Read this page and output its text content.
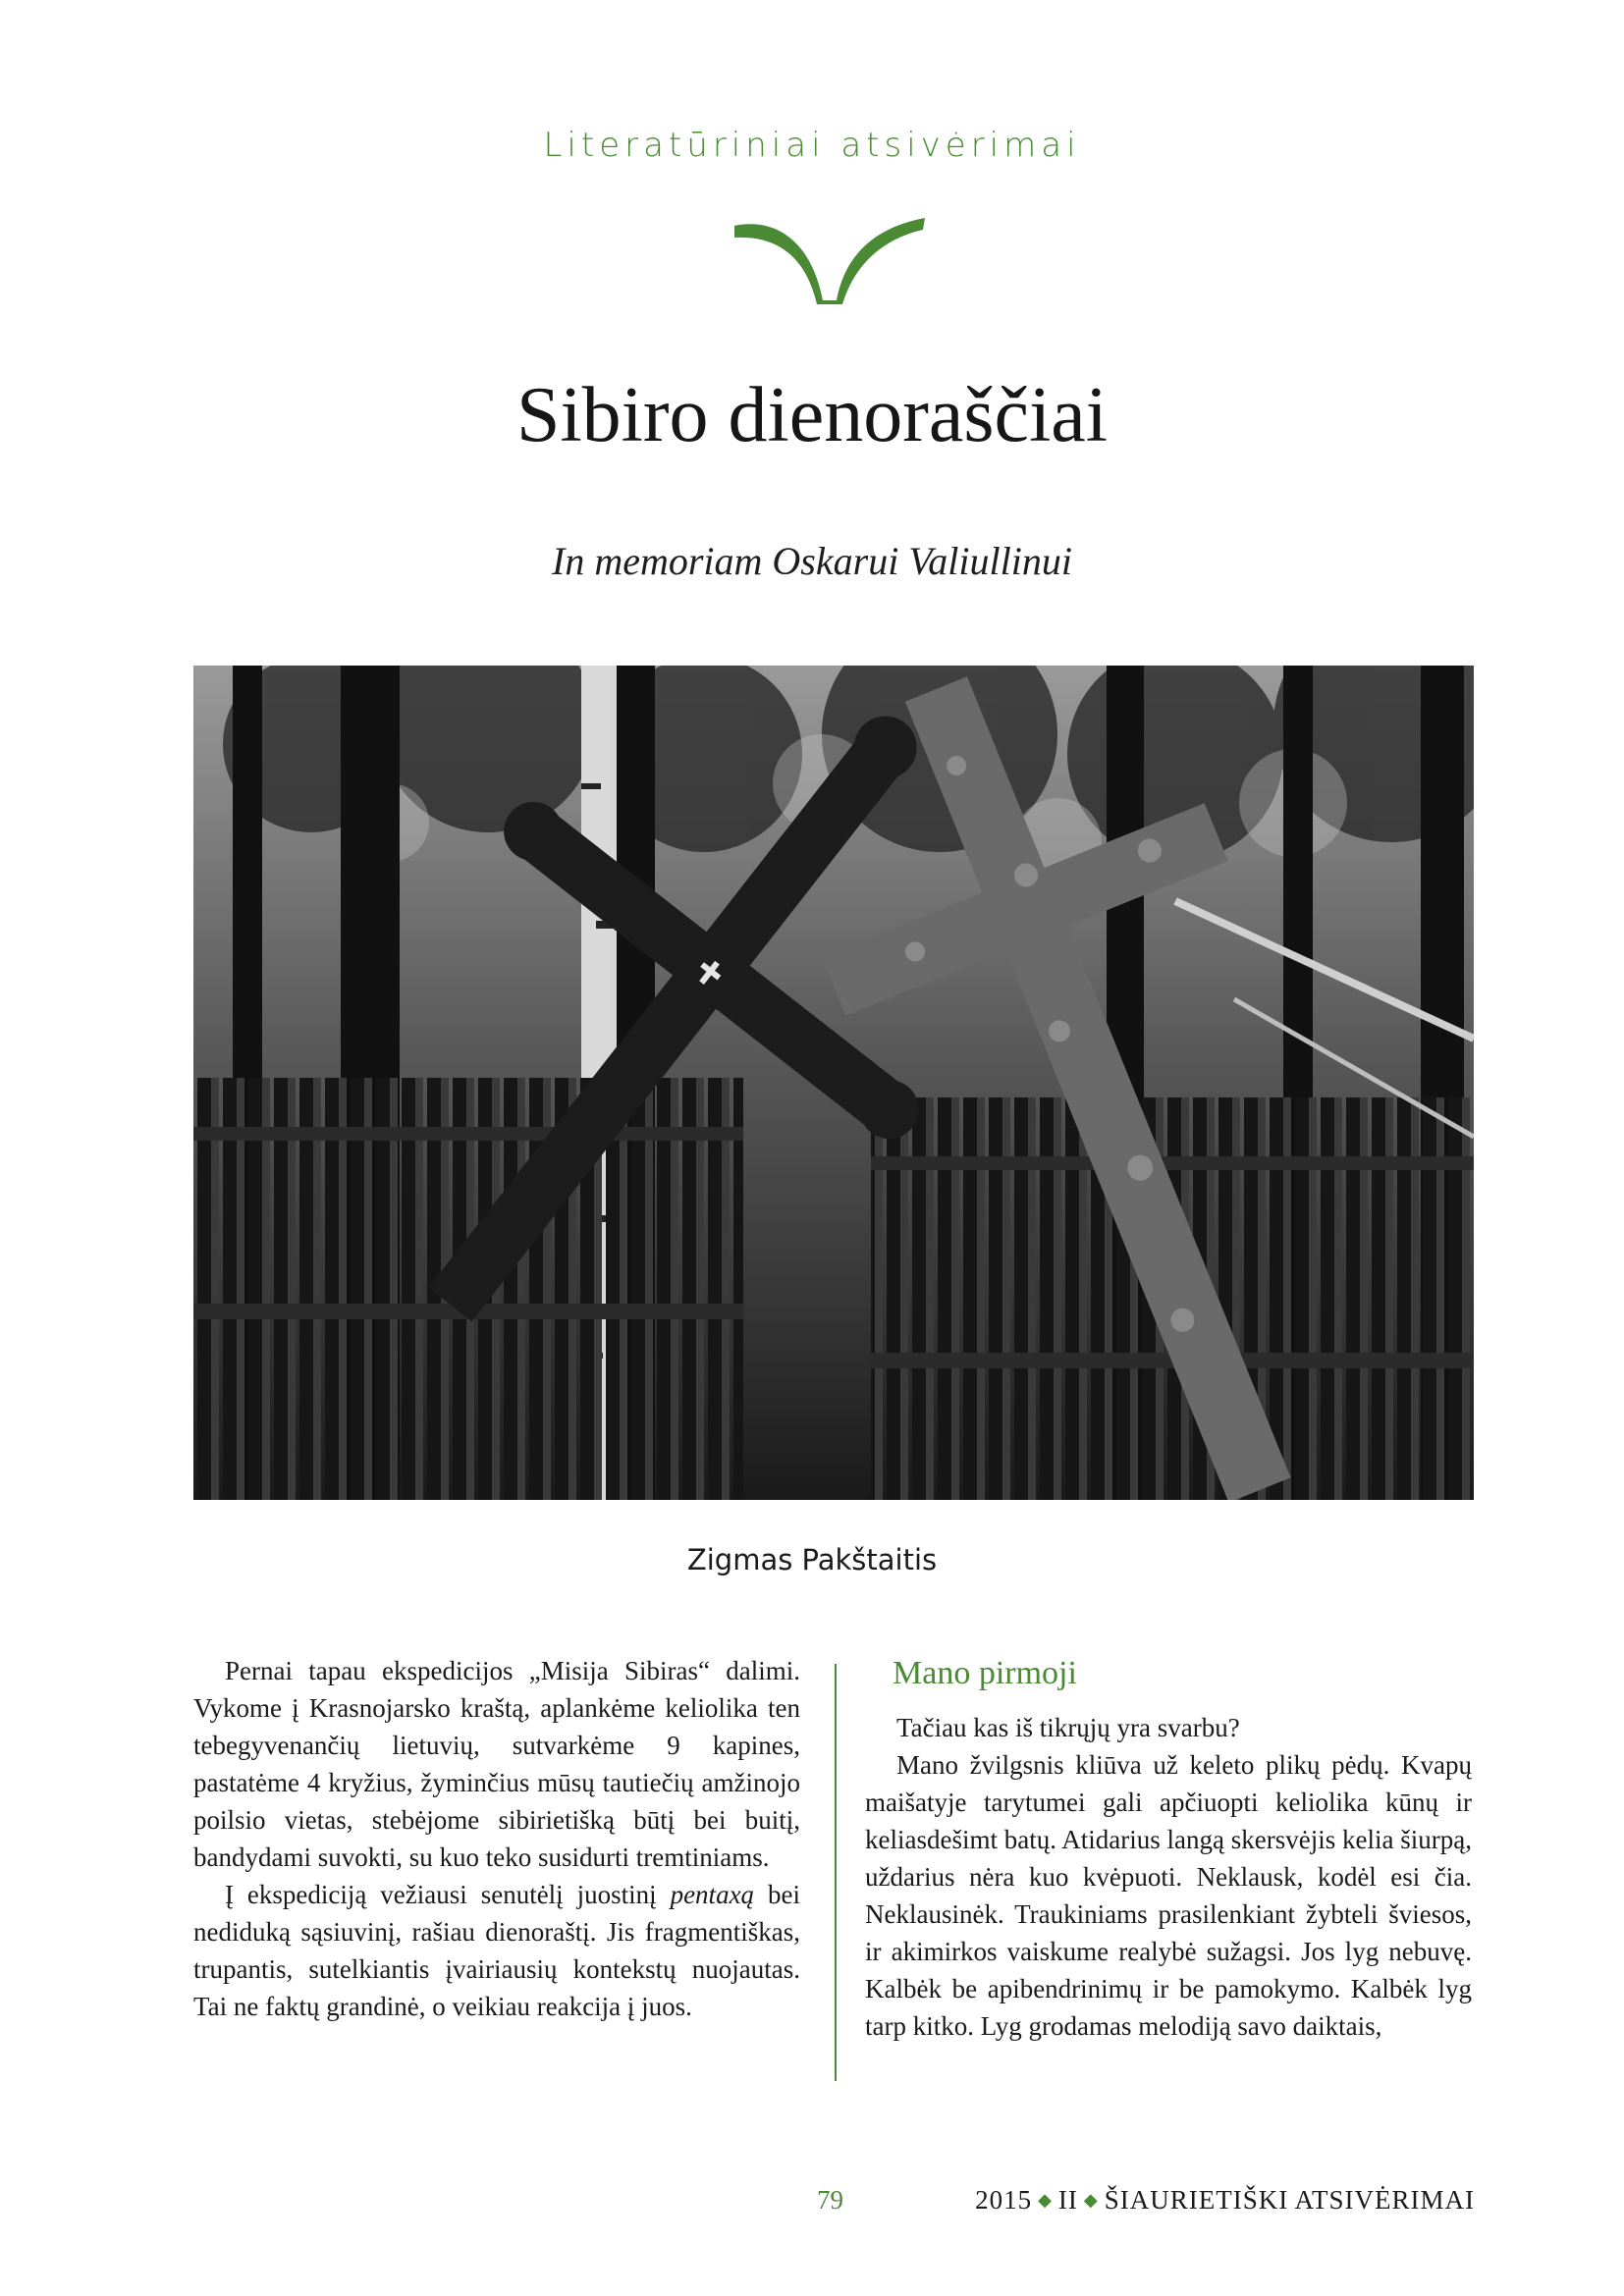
Literatūriniai atsivėrimai
Sibiro dienoraščiai
In memoriam Oskarui Valiullinui
Zigmas Pakštaitis

Pernai tapau ekspedicijos „Misija Sibiras“ dalimi. Vykome į Krasnojarsko kraštą, aplankėme keliolika ten tebegyvenančių lietuvių, sutvarkėme 9 kapines, pastatėme 4 kryžius, žyminčius mūsų tautiečių amžinojo poilsio vietas, stebėjome sibirietišką būtį bei buitį, bandydami suvokti, su kuo teko susidurti tremtiniams.

Į ekspediciją vežiausi senutėlį juostinį pentaxą bei nediduką sąsiuvinį, rašiau dienoraštį. Jis fragmentiškas, trupantis, sutelkiantis įvairiausių kontekstų nuojautas. Tai ne faktų grandinė, o veikiau reakcija į juos.

Mano pirmoji

Tačiau kas iš tikrųjų yra svarbu?

Mano žvilgsnis kliūva už keleto plikų pėdų. Kvapų maišatyje tarytumei gali apčiuopti keliolika kūnų ir keliasdešimt batų. Atidarius langą skersvėjis kelia šiurpą, uždarius nėra kuo kvėpuoti. Neklausk, kodėl esi čia. Neklausinėk. Traukiniams prasilenkiant žybteli šviesos, ir akimirkos vaiskume realybė sužagsi. Jos lyg nebuvę. Kalbėk be apibendrinimų ir be pamokymo. Kalbėk lyg tarp kitko. Lyg grodamas melodiją savo daiktais,

79	2015 ◆ II ◆ ŠIAURIETIŠKI ATSIVĖRIMAI
